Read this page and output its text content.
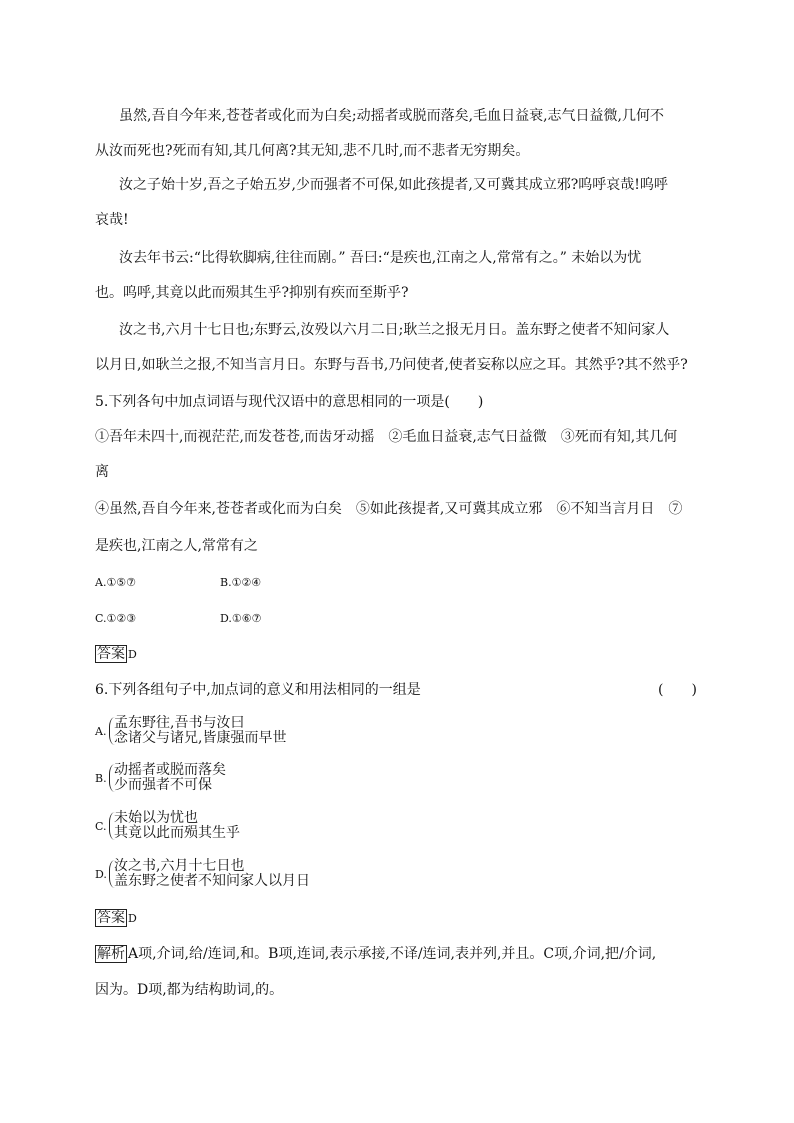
虽然,吾自今年来,苍苍者或化而为白矣;动摇者或脱而落矣,毛血日益衰,志气日益微,几何不
从汝而死也?死而有知,其几何离?其无知,悲不几时,而不悲者无穷期矣。
汝之子始十岁,吾之子始五岁,少而强者不可保,如此孩提者,又可冀其成立邪?呜呼哀哉!呜呼
哀哉!
汝去年书云:“比得软脚病,往往而剧。” 吾曰:“是疾也,江南之人,常常有之。” 未始以为忧
也。呜呼,其竟以此而殒其生乎?抑别有疾而至斯乎?
汝之书,六月十七日也;东野云,汝殁以六月二日;耿兰之报无月日。盖东野之使者不知问家人
以月日,如耿兰之报,不知当言月日。东野与吾书,乃问使者,使者妄称以应之耳。其然乎?其不然乎?
5.下列各句中加点词语与现代汉语中的意思相同的一项是(　　)
①吾年未四十,而视茫茫,而发苍苍,而齿牙动摇　②毛血日益衰,志气日益微　③死而有知,其几何
离
④虽然,吾自今年来,苍苍者或化而为白矣　⑤如此孩提者,又可冀其成立邪　⑥不知当言月日　⑦
是疾也,江南之人,常常有之
A.①⑤⑦	B.①②④
C.①②③	D.①⑥⑦
答案 D
6.下列各组句子中,加点词的意义和用法相同的一组是	(　　)
A.
孟东野往,吾书与汝曰
念诸父与诸兄,皆康强而早世
B.
动摇者或脱而落矣
少而强者不可保
C.
未始以为忧也
其竟以此而殒其生乎
D.
汝之书,六月十七日也
盖东野之使者不知问家人以月日
答案 D
解析 A项,介词,给/连词,和。B项,连词,表示承接,不译/连词,表并列,并且。C项,介词,把/介词,
因为。D项,都为结构助词,的。
